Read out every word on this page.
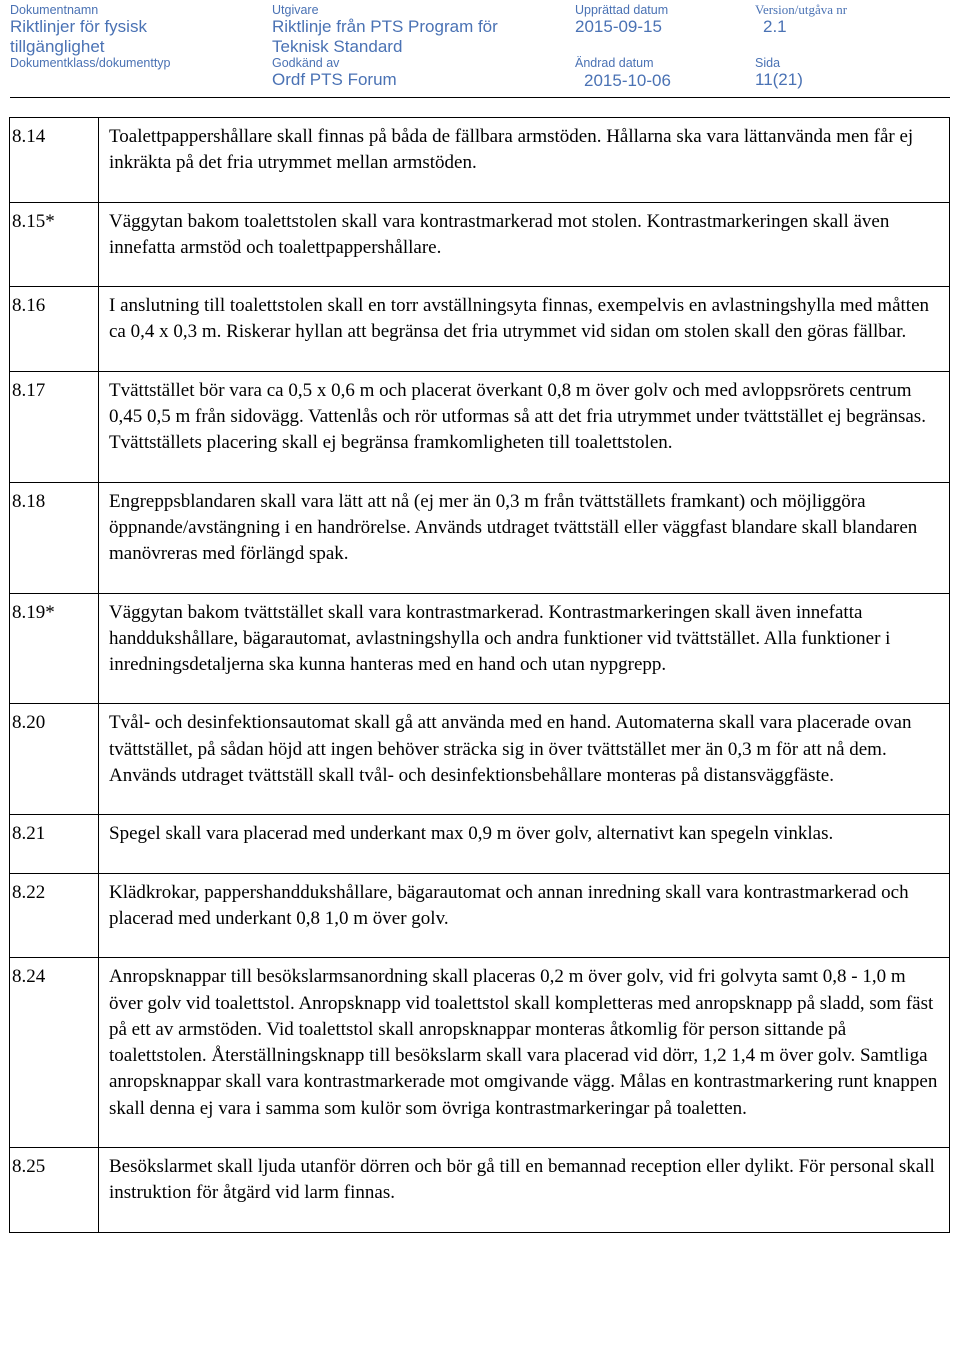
Dokumentnamn
Riktlinjer för fysisk
tillgänglighet
Dokumentklass/dokumenttyp
Utgivare
Riktlinje från PTS Program för
Teknisk Standard
Godkänd av
Ordf PTS Forum
Upprättad datum
2015-09-15
Ändrad datum
2015-10-06
Version/utgåva nr
2.1
Sida
11(21)
8.14	Toalettpappershållare skall finnas på båda de fällbara armstöden. Hållarna ska vara lättanvända men får ej inkräkta på det fria utrymmet mellan armstöden.
8.15*	Väggytan bakom toalettstolen skall vara kontrastmarkerad mot stolen. Kontrastmarkeringen skall även innefatta armstöd och toalettpappershållare.
8.16	I anslutning till toalettstolen skall en torr avställningsyta finnas, exempelvis en avlastningshylla med måtten ca 0,4 x 0,3 m. Riskerar hyllan att begränsa det fria utrymmet vid sidan om stolen skall den göras fällbar.
8.17	Tvättstället bör vara ca 0,5 x 0,6 m och placerat överkant 0,8 m över golv och med avloppsrörets centrum 0,45 0,5 m från sidovägg. Vattenlås och rör utformas så att det fria utrymmet under tvättstället ej begränsas. Tvättställets placering skall ej begränsa framkomligheten till toalettstolen.
8.18	Engreppsblandaren skall vara lätt att nå (ej mer än 0,3 m från tvättställets framkant) och möjliggöra öppnande/avstängning i en handrörelse. Används utdraget tvättställ eller väggfast blandare skall blandaren manövreras med förlängd spak.
8.19*	Väggytan bakom tvättstället skall vara kontrastmarkerad. Kontrastmarkeringen skall även innefatta handdukshållare, bägarautomat, avlastningshylla och andra funktioner vid tvättstället. Alla funktioner i inredningsdetaljerna ska kunna hanteras med en hand och utan nypgrepp.
8.20	Tvål- och desinfektionsautomat skall gå att använda med en hand. Automaterna skall vara placerade ovan tvättstället, på sådan höjd att ingen behöver sträcka sig in över tvättstället mer än 0,3 m för att nå dem. Används utdraget tvättställ skall tvål- och desinfektionsbehållare monteras på distansväggfäste.
8.21	Spegel skall vara placerad med underkant max 0,9 m över golv, alternativt kan spegeln vinklas.
8.22	Klädkrokar, pappershanddukshållare, bägarautomat och annan inredning skall vara kontrastmarkerad och placerad med underkant 0,8 1,0 m över golv.
8.24	Anropsknappar till besökslarmsanordning skall placeras 0,2 m över golv, vid fri golvyta samt 0,8 - 1,0 m över golv vid toalettstol. Anropsknapp vid toalettstol skall kompletteras med anropsknapp på sladd, som fäst på ett av armstöden. Vid toalettstol skall anropsknappar monteras åtkomlig för person sittande på toalettstolen. Återställningsknapp till besökslarm skall vara placerad vid dörr, 1,2 1,4 m över golv. Samtliga anropsknappar skall vara kontrastmarkerade mot omgivande vägg. Målas en kontrastmarkering runt knappen skall denna ej vara i samma som kulör som övriga kontrastmarkeringar på toaletten.
8.25	Besökslarmet skall ljuda utanför dörren och bör gå till en bemannad reception eller dylikt. För personal skall instruktion för åtgärd vid larm finnas.
